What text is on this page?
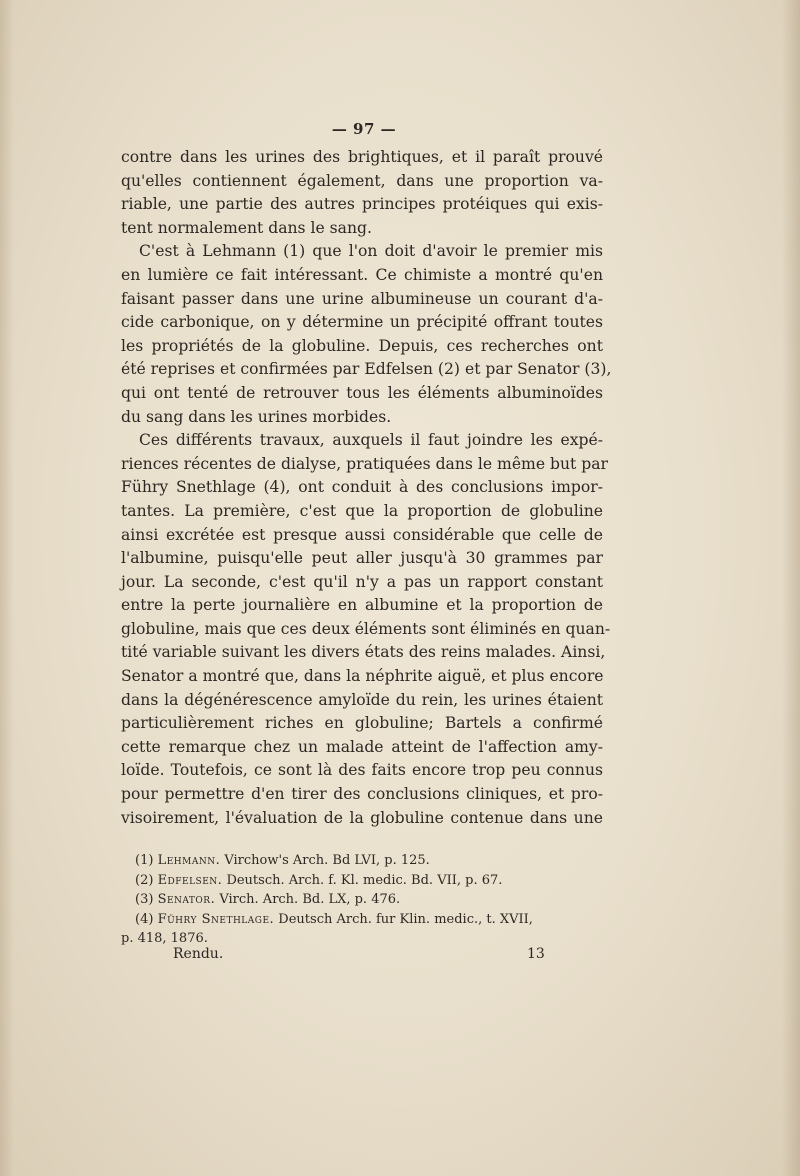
— 97 —
contre dans les urines des brightiques, et il paraît prouvé
qu'elles contiennent également, dans une proportion va-
riable, une partie des autres principes protéiques qui exis-
tent normalement dans le sang.
C'est à Lehmann (1) que l'on doit d'avoir le premier mis
en lumière ce fait intéressant. Ce chimiste a montré qu'en
faisant passer dans une urine albumineuse un courant d'a-
cide carbonique, on y détermine un précipité offrant toutes
les propriétés de la globuline. Depuis, ces recherches ont
été reprises et confirmées par Edfelsen (2) et par Senator (3),
qui ont tenté de retrouver tous les éléments albuminoïdes
du sang dans les urines morbides.
Ces différents travaux, auxquels il faut joindre les expé-
riences récentes de dialyse, pratiquées dans le même but par
Führy Snethlage (4), ont conduit à des conclusions impor-
tantes. La première, c'est que la proportion de globuline
ainsi excrétée est presque aussi considérable que celle de
l'albumine, puisqu'elle peut aller jusqu'à 30 grammes par
jour. La seconde, c'est qu'il n'y a pas un rapport constant
entre la perte journalière en albumine et la proportion de
globuline, mais que ces deux éléments sont éliminés en quan-
tité variable suivant les divers états des reins malades. Ainsi,
Senator a montré que, dans la néphrite aiguë, et plus encore
dans la dégénérescence amyloïde du rein, les urines étaient
particulièrement riches en globuline; Bartels a confirmé
cette remarque chez un malade atteint de l'affection amy-
loïde. Toutefois, ce sont là des faits encore trop peu connus
pour permettre d'en tirer des conclusions cliniques, et pro-
visoirement, l'évaluation de la globuline contenue dans une
(1) Lehmann. Virchow's Arch. Bd LVI, p. 125.
(2) Edfelsen. Deutsch. Arch. f. Kl. medic. Bd. VII, p. 67.
(3) Senator. Virch. Arch. Bd. LX, p. 476.
(4) Führy Snethlage. Deutsch Arch. fur Klin. medic., t. XVII,
p. 418, 1876.
Rendu.	13
